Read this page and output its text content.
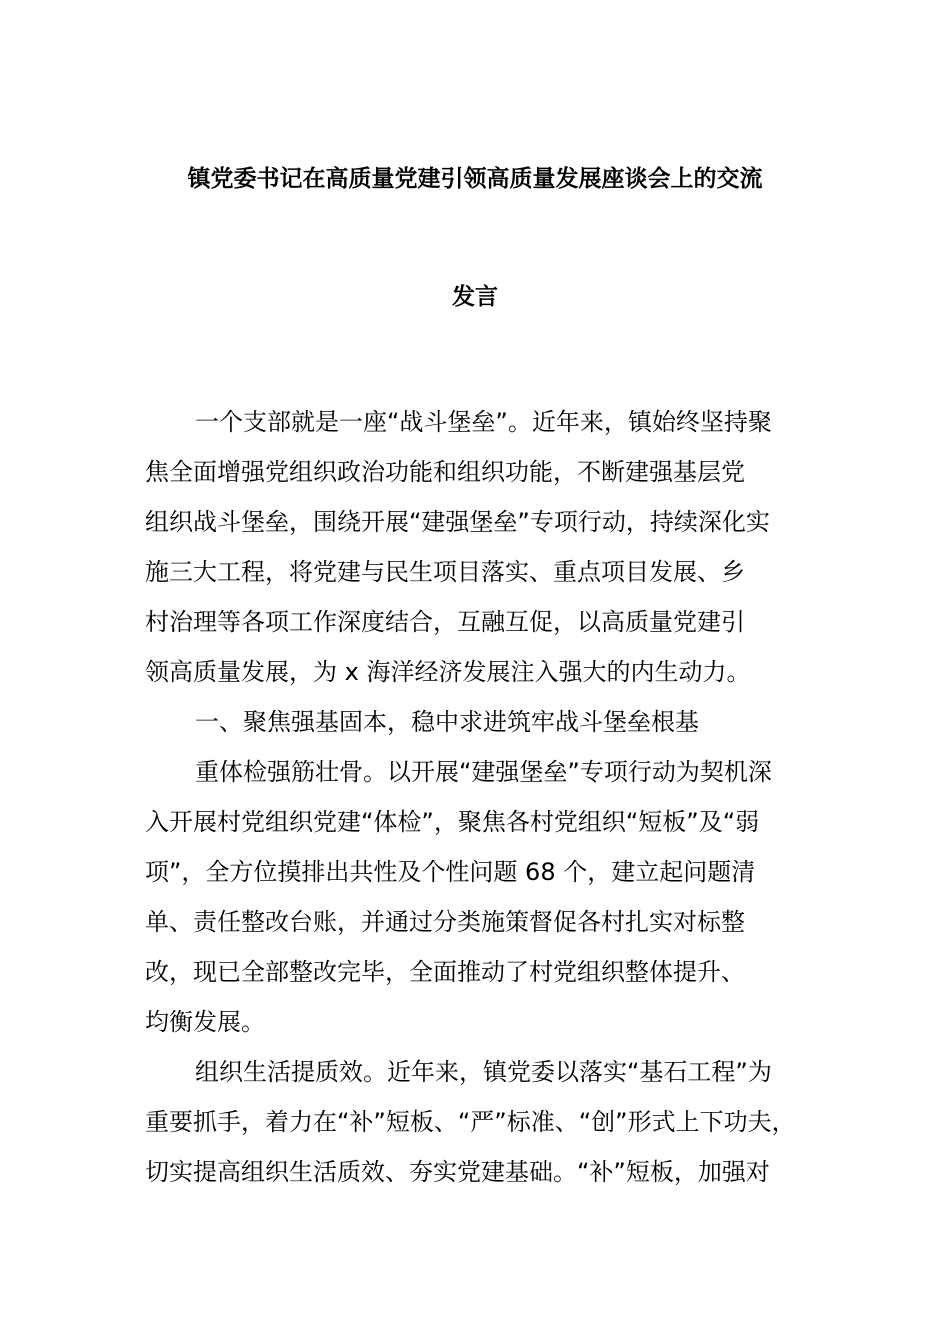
镇党委书记在高质量党建引领高质量发展座谈会上的交流
发言
一个支部就是一座“战斗堡垒”。近年来，镇始终坚持聚
焦全面增强党组织政治功能和组织功能，不断建强基层党
组织战斗堡垒，围绕开展“建强堡垒”专项行动，持续深化实
施三大工程，将党建与民生项目落实、重点项目发展、乡
村治理等各项工作深度结合，互融互促，以高质量党建引
领高质量发展，为 x 海洋经济发展注入强大的内生动力。
一、聚焦强基固本，稳中求进筑牢战斗堡垒根基
重体检强筋壮骨。以开展“建强堡垒”专项行动为契机深
入开展村党组织党建“体检”，聚焦各村党组织“短板”及“弱
项”，全方位摸排出共性及个性问题 68 个，建立起问题清
单、责任整改台账，并通过分类施策督促各村扎实对标整
改，现已全部整改完毕，全面推动了村党组织整体提升、
均衡发展。
组织生活提质效。近年来，镇党委以落实“基石工程”为
重要抓手，着力在“补”短板、“严”标准、“创”形式上下功夫，
切实提高组织生活质效、夯实党建基础。“补”短板，加强对
